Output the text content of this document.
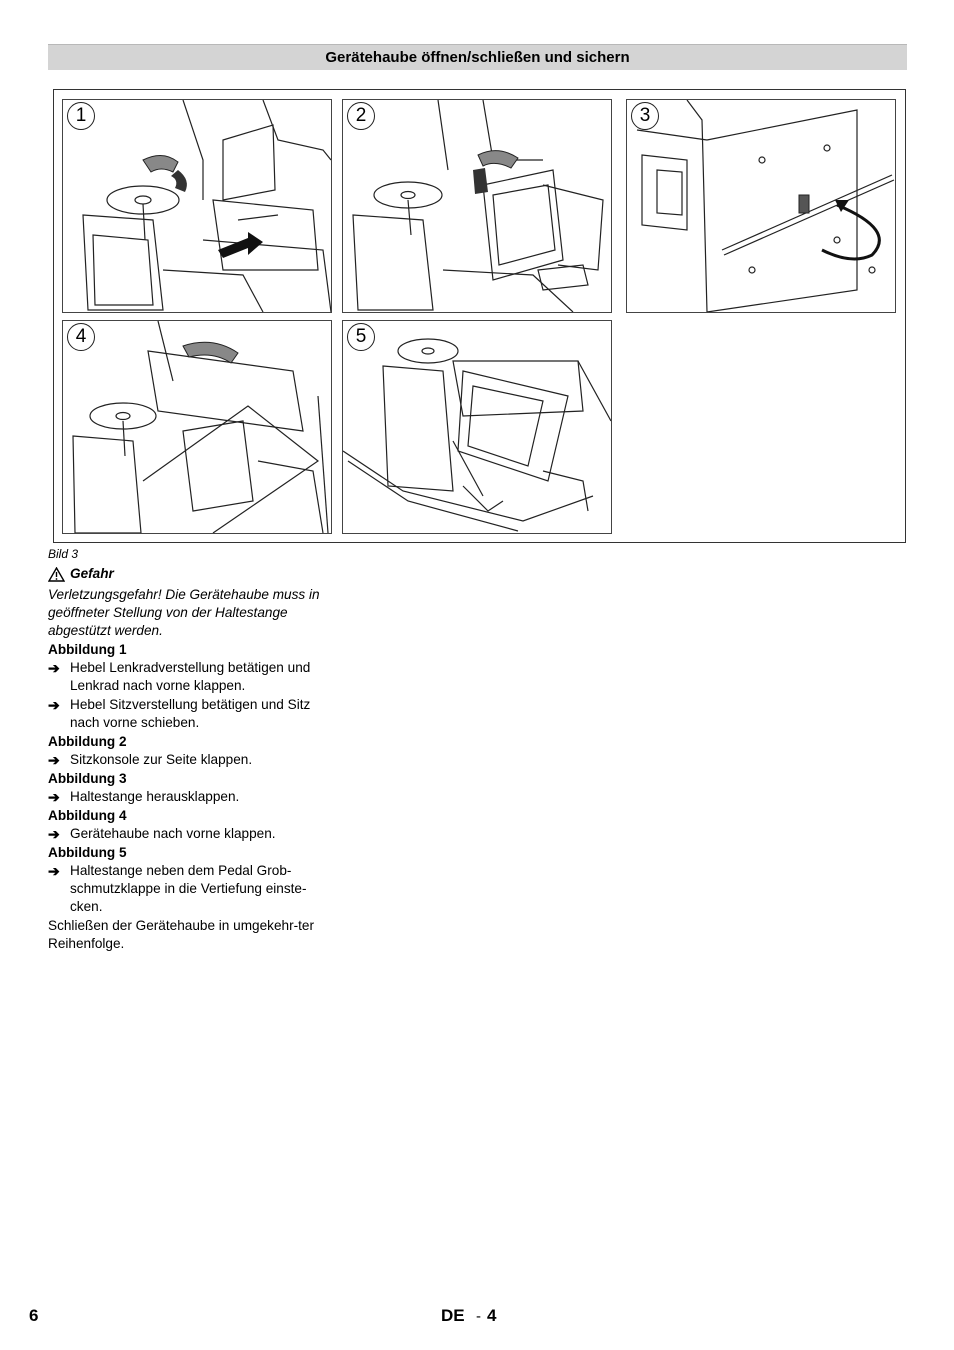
Gerätehaube öffnen/schließen und sichern
1	2	3
4	5
Bild 3
Gefahr
Verletzungsgefahr! Die Gerätehaube muss in geöffneter Stellung von der Haltestange abgestützt werden.
Abbildung 1
➔ Hebel Lenkradverstellung betätigen und Lenkrad nach vorne klappen.
➔ Hebel Sitzverstellung betätigen und Sitz nach vorne schieben.
Abbildung 2
➔ Sitzkonsole zur Seite klappen.
Abbildung 3
➔ Haltestange herausklappen.
Abbildung 4
➔ Gerätehaube nach vorne klappen.
Abbildung 5
➔ Haltestange neben dem Pedal Grob-schmutzklappe in die Vertiefung einste-cken.
Schließen der Gerätehaube in umgekehr-ter Reihenfolge.
6	DE - 4
